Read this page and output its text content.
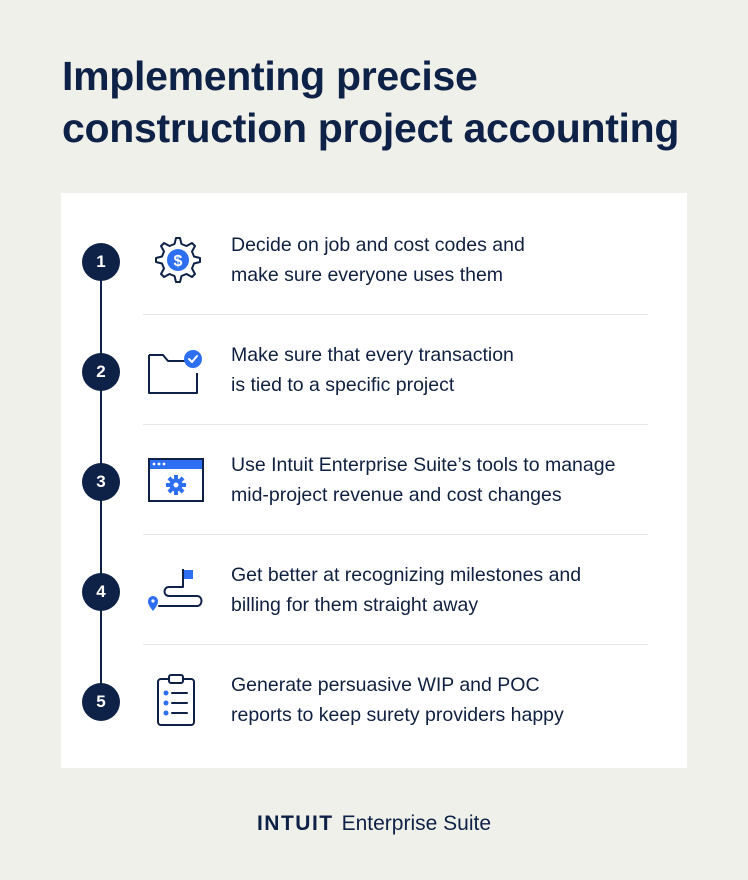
Implementing precise
construction project accounting
1	$
Decide on job and cost codes and
make sure everyone uses them
2
Make sure that every transaction
is tied to a specific project
3
Use Intuit Enterprise Suite’s tools to manage
mid-project revenue and cost changes
4
Get better at recognizing milestones and
billing for them straight away
5
Generate persuasive WIP and POC
reports to keep surety providers happy
INTUIT Enterprise Suite
